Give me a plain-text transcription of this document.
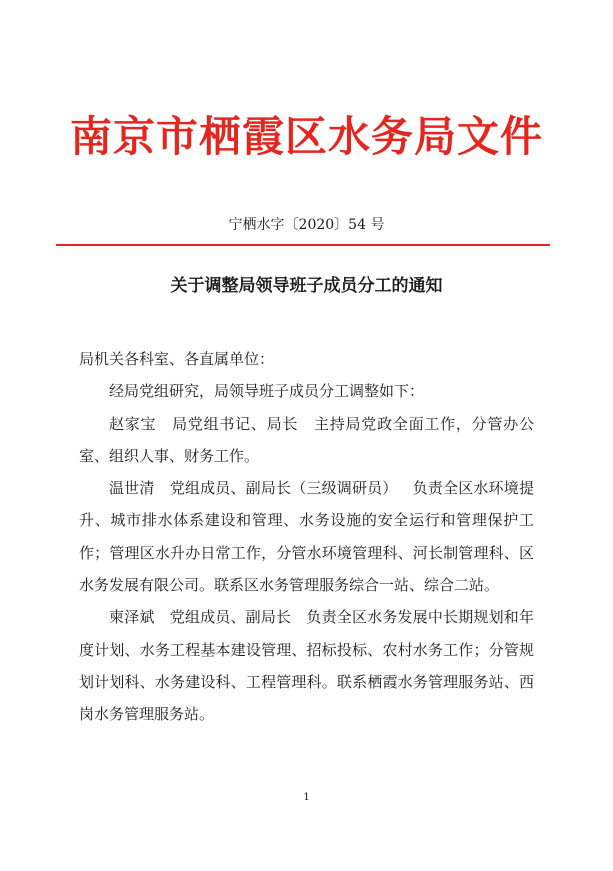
南京市栖霞区水务局文件
宁栖水字〔2020〕54 号
关于调整局领导班子成员分工的通知

局机关各科室、各直属单位：

经局党组研究，局领导班子成员分工调整如下：

赵家宝 局党组书记、局长 主持局党政全面工作，分管办公室、组织人事、财务工作。

温世清 党组成员、副局长（三级调研员） 负责全区水环境提升、城市排水体系建设和管理、水务设施的安全运行和管理保护工作；管理区水升办日常工作，分管水环境管理科、河长制管理科、区水务发展有限公司。联系区水务管理服务综合一站、综合二站。

柬泽斌 党组成员、副局长 负责全区水务发展中长期规划和年度计划、水务工程基本建设管理、招标投标、农村水务工作；分管规划计划科、水务建设科、工程管理科。联系栖霞水务管理服务站、西岗水务管理服务站。

1
